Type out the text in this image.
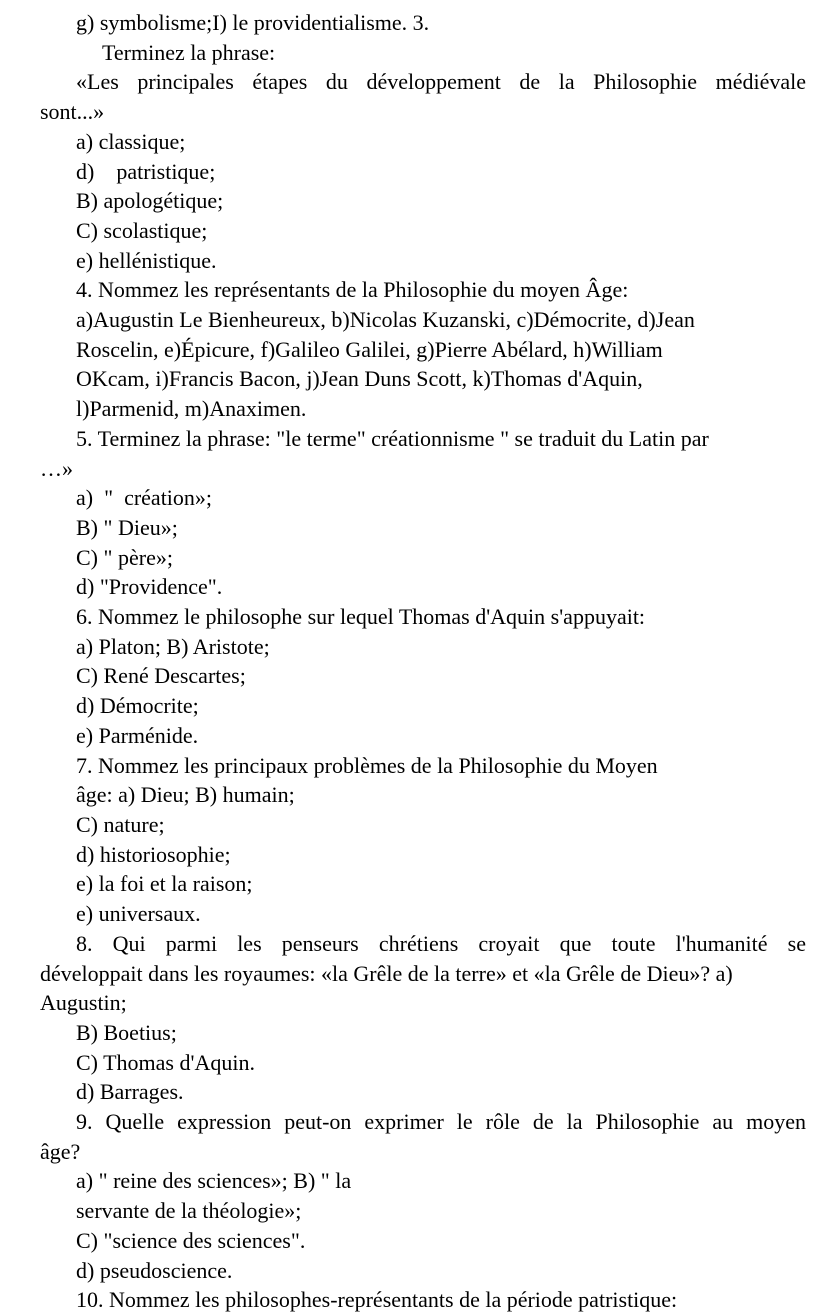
g) symbolisme;I) le providentialisme. 3.

Terminez la phrase:

«Les principales étapes du développement de la Philosophie médiévale

sont...»

a) classique;

d)    patristique;

B) apologétique;

C) scolastique;

e) hellénistique.

4. Nommez les représentants de la Philosophie du moyen Âge:

a)Augustin Le Bienheureux, b)Nicolas Kuzanski, c)Démocrite, d)Jean

Roscelin, e)Épicure, f)Galileo Galilei, g)Pierre Abélard, h)William

OKcam, i)Francis Bacon, j)Jean Duns Scott, k)Thomas d'Aquin,

l)Parmenid, m)Anaximen.

5. Terminez la phrase: "le terme" créationnisme " se traduit du Latin par

…»

a)  "  création»;

B) " Dieu»;

C) " père»;

d) "Providence".

6. Nommez le philosophe sur lequel Thomas d'Aquin s'appuyait:

a) Platon; B) Aristote;

C) René Descartes;

d) Démocrite;

e) Parménide.

7. Nommez les principaux problèmes de la Philosophie du Moyen

âge: a) Dieu; B) humain;

C) nature;

d) historiosophie;

e) la foi et la raison;

e) universaux.

8. Qui parmi les penseurs chrétiens croyait que toute l'humanité se

développait dans les royaumes: «la Grêle de la terre» et «la Grêle de Dieu»? a)

Augustin;

B) Boetius;

C) Thomas d'Aquin.

d) Barrages.

9. Quelle expression peut-on exprimer le rôle de la Philosophie au moyen

âge?

a) " reine des sciences»; B) " la

servante de la théologie»;

C) "science des sciences".

d) pseudoscience.

10. Nommez les philosophes-représentants de la période patristique:
